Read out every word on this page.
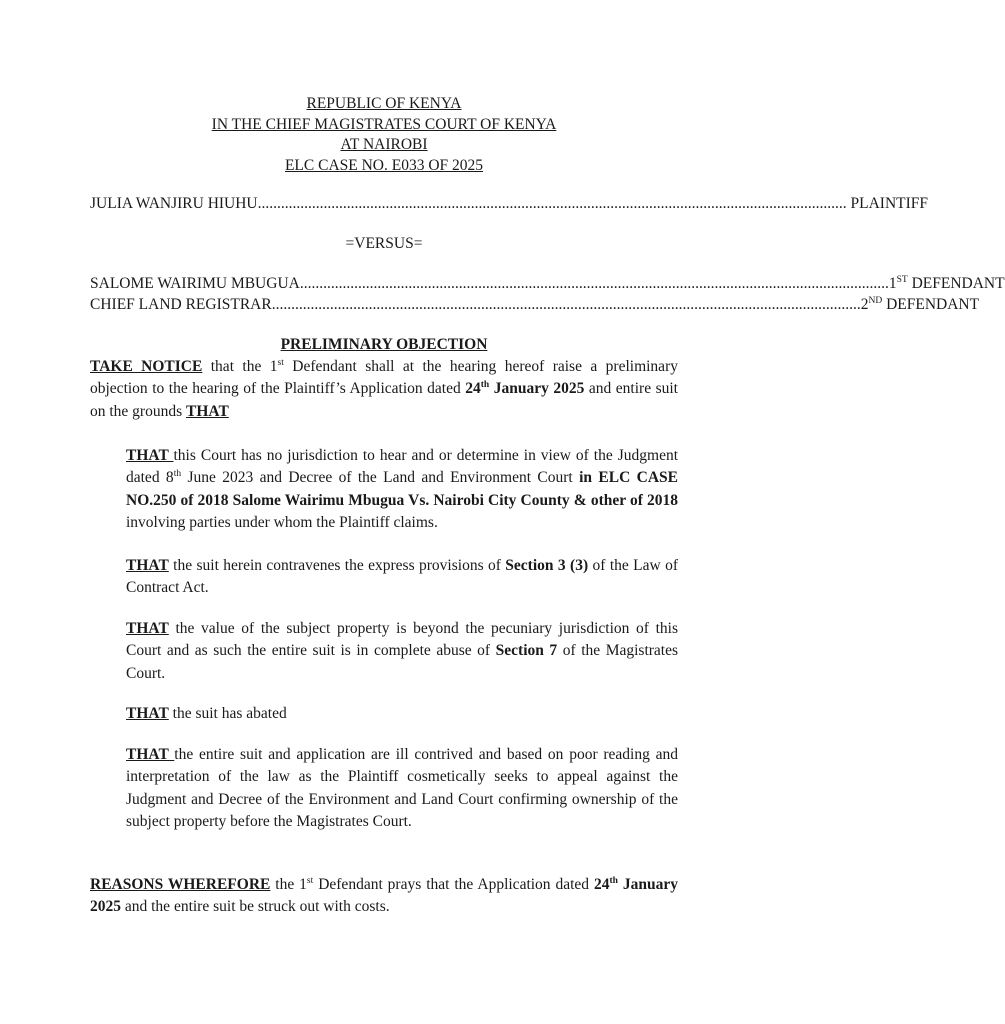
REPUBLIC OF KENYA
IN THE CHIEF MAGISTRATES COURT OF KENYA
AT NAIROBI
ELC CASE NO. E033 OF 2025
JULIA WANJIRU HIUHU ........................................................................................................................................................ PLAINTIFF
=VERSUS=
SALOME WAIRIMU MBUGUA ........................................................................................................................................................ 1ST DEFENDANT
CHIEF LAND REGISTRAR ........................................................................................................................................................ 2ND DEFENDANT
PRELIMINARY OBJECTION
TAKE NOTICE that the 1st Defendant shall at the hearing hereof raise a preliminary objection to the hearing of the Plaintiff’s Application dated 24th January 2025 and entire suit on the grounds THAT
THAT this Court has no jurisdiction to hear and or determine in view of the Judgment dated 8th June 2023 and Decree of the Land and Environment Court in ELC CASE NO.250 of 2018 Salome Wairimu Mbugua Vs. Nairobi City County & other of 2018 involving parties under whom the Plaintiff claims.
THAT the suit herein contravenes the express provisions of Section 3 (3) of the Law of Contract Act.
THAT the value of the subject property is beyond the pecuniary jurisdiction of this Court and as such the entire suit is in complete abuse of Section 7 of the Magistrates Court.
THAT the suit has abated
THAT the entire suit and application are ill contrived and based on poor reading and interpretation of the law as the Plaintiff cosmetically seeks to appeal against the Judgment and Decree of the Environment and Land Court confirming ownership of the subject property before the Magistrates Court.
REASONS WHEREFORE the 1st Defendant prays that the Application dated 24th January 2025 and the entire suit be struck out with costs.
